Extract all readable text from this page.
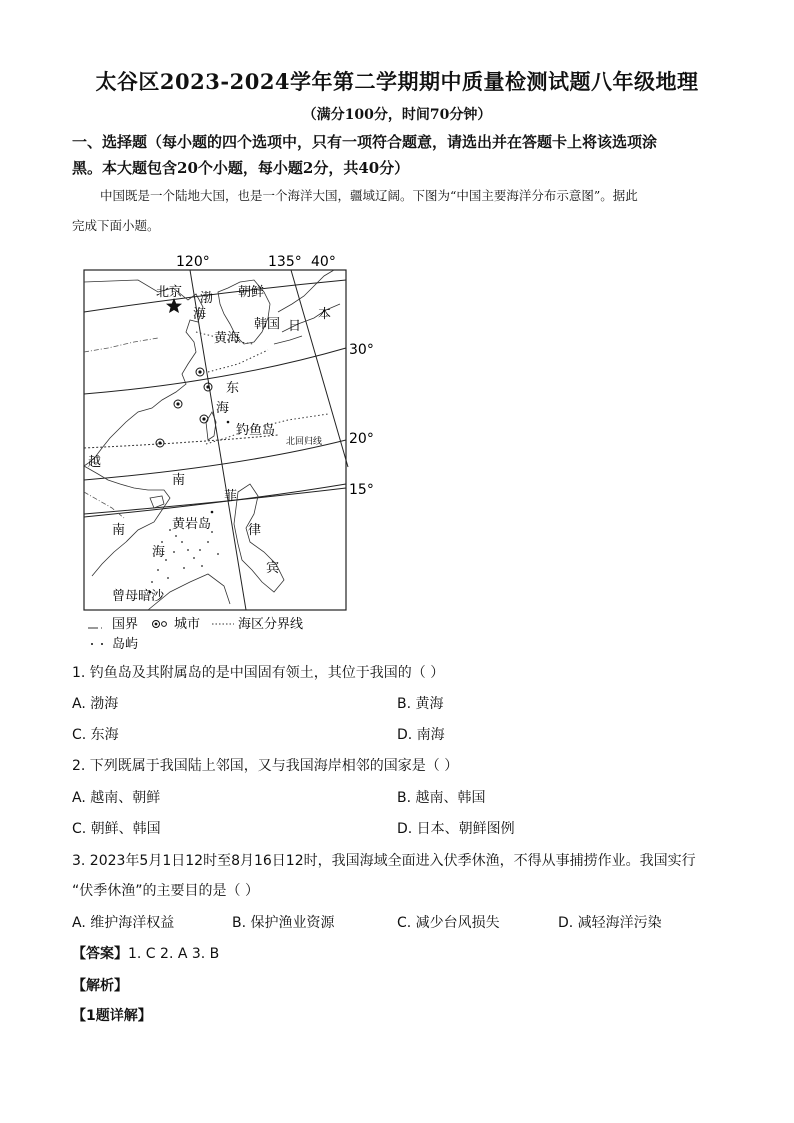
太谷区2023-2024学年第二学期期中质量检测试题八年级地理
（满分100分，时间70分钟）
一、选择题（每小题的四个选项中，只有一项符合题意，请选出并在答题卡上将该选项涂
黑。本大题包含20个小题，每小题2分，共40分）
中国既是一个陆地大国，也是一个海洋大国，疆域辽阔。下图为“中国主要海洋分布示意图”。据此
完成下面小题。
120°	135° 40°
30°
20°
15°
北京 渤
海
朝鲜
韩国 日
本
黄海
东
海
钓鱼岛
北回归线
越
南
菲
黄岩岛	律
南
海
宾
曾母暗沙
国界	城市	海区分界线
岛屿
1. 钓鱼岛及其附属岛的是中国固有领土，其位于我国的（ ）
A. 渤海	B. 黄海
C. 东海	D. 南海
2. 下列既属于我国陆上邻国，又与我国海岸相邻的国家是（ ）
A. 越南、朝鲜	B. 越南、韩国
C. 朝鲜、韩国	D. 日本、朝鲜图例
3. 2023年5月1日12时至8月16日12时，我国海域全面进入伏季休渔，不得从事捕捞作业。我国实行
“伏季休渔”的主要目的是（ ）
A. 维护海洋权益	B. 保护渔业资源	C. 减少台风损失	D. 减轻海洋污染
【答案】1. C 2. A 3. B
【解析】
【1题详解】
